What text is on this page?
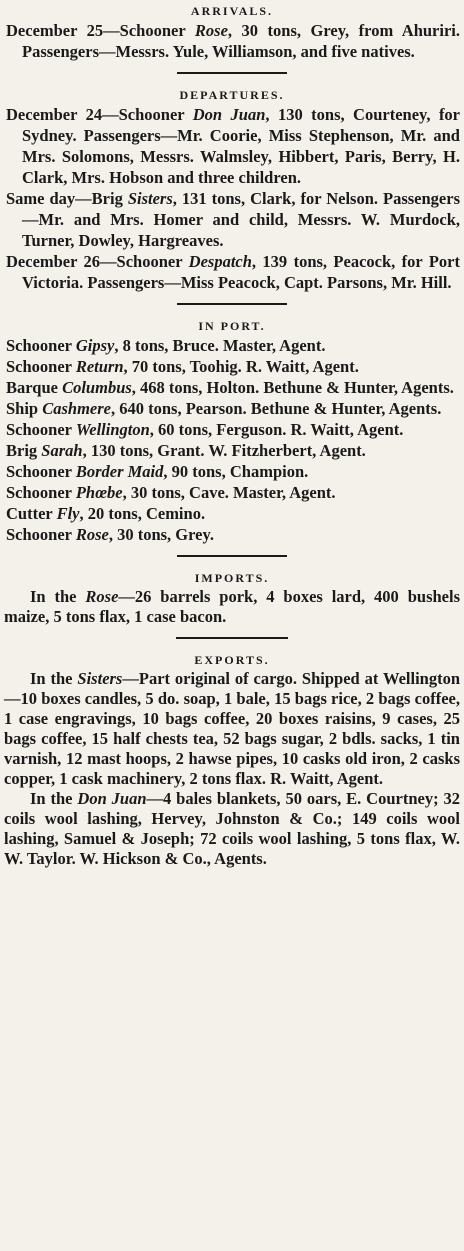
ARRIVALS.

December 25—Schooner Rose, 30 tons, Grey, from Ahuriri. Passengers—Messrs. Yule, Williamson, and five natives.

DEPARTURES.

December 24—Schooner Don Juan, 130 tons, Courteney, for Sydney. Passengers—Mr. Coorie, Miss Stephenson, Mr. and Mrs. Solomons, Messrs. Walmsley, Hibbert, Paris, Berry, H. Clark, Mrs. Hobson and three children.

Same day—Brig Sisters, 131 tons, Clark, for Nelson. Passengers—Mr. and Mrs. Homer and child, Messrs. W. Murdock, Turner, Dowley, Hargreaves.

December 26—Schooner Despatch, 139 tons, Peacock, for Port Victoria. Passengers—Miss Peacock, Capt. Parsons, Mr. Hill.

IN PORT.

Schooner Gipsy, 8 tons, Bruce. Master, Agent.

Schooner Return, 70 tons, Toohig. R. Waitt, Agent.

Barque Columbus, 468 tons, Holton. Bethune & Hunter, Agents.

Ship Cashmere, 640 tons, Pearson. Bethune & Hunter, Agents.

Schooner Wellington, 60 tons, Ferguson. R. Waitt, Agent.

Brig Sarah, 130 tons, Grant. W. Fitzherbert, Agent.

Schooner Border Maid, 90 tons, Champion.

Schooner Phœbe, 30 tons, Cave. Master, Agent.

Cutter Fly, 20 tons, Cemino.

Schooner Rose, 30 tons, Grey.

IMPORTS.

In the Rose—26 barrels pork, 4 boxes lard, 400 bushels maize, 5 tons flax, 1 case bacon.

EXPORTS.

In the Sisters—Part original of cargo. Shipped at Wellington—10 boxes candles, 5 do. soap, 1 bale, 15 bags rice, 2 bags coffee, 1 case engravings, 10 bags coffee, 20 boxes raisins, 9 cases, 25 bags coffee, 15 half chests tea, 52 bags sugar, 2 bdls. sacks, 1 tin varnish, 12 mast hoops, 2 hawse pipes, 10 casks old iron, 2 casks copper, 1 cask machinery, 2 tons flax. R. Waitt, Agent.

In the Don Juan—4 bales blankets, 50 oars, E. Courtney; 32 coils wool lashing, Hervey, Johnston & Co.; 149 coils wool lashing, Samuel & Joseph; 72 coils wool lashing, 5 tons flax, W. W. Taylor. W. Hickson & Co., Agents.
